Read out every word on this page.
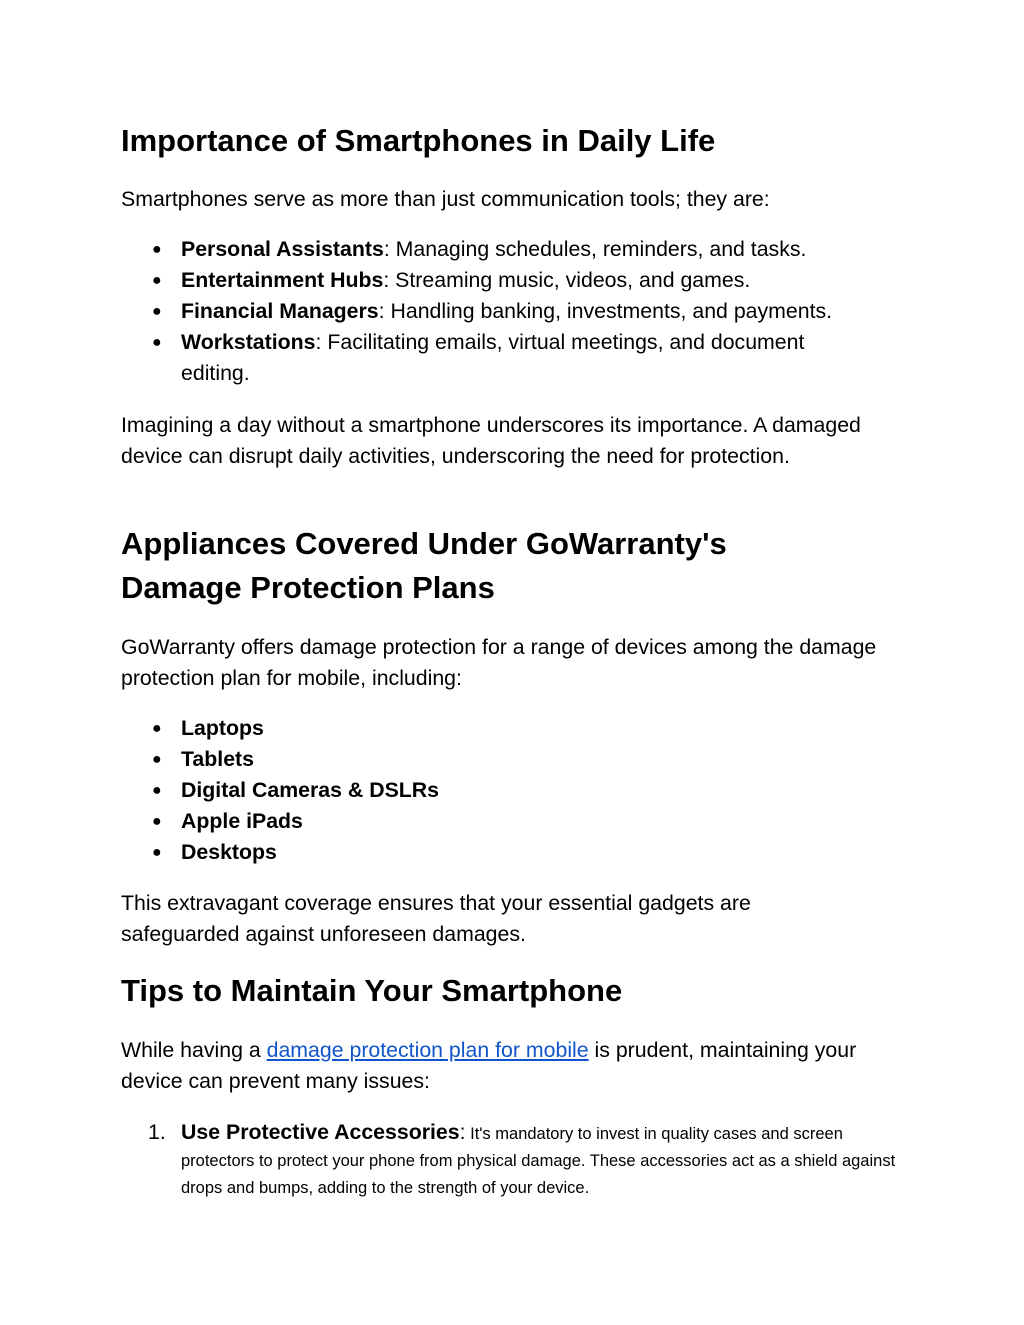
Importance of Smartphones in Daily Life

Smartphones serve as more than just communication tools; they are:

● Personal Assistants: Managing schedules, reminders, and tasks.
● Entertainment Hubs: Streaming music, videos, and games.
● Financial Managers: Handling banking, investments, and payments.
● Workstations: Facilitating emails, virtual meetings, and document editing.

Imagining a day without a smartphone underscores its importance. A damaged device can disrupt daily activities, underscoring the need for protection.

Appliances Covered Under GoWarranty's Damage Protection Plans

GoWarranty offers damage protection for a range of devices among the damage protection plan for mobile, including:

● Laptops
● Tablets
● Digital Cameras & DSLRs
● Apple iPads
● Desktops

This extravagant coverage ensures that your essential gadgets are safeguarded against unforeseen damages.

Tips to Maintain Your Smartphone

While having a damage protection plan for mobile is prudent, maintaining your device can prevent many issues:

1. Use Protective Accessories: It's mandatory to invest in quality cases and screen protectors to protect your phone from physical damage. These accessories act as a shield against drops and bumps, adding to the strength of your device.
